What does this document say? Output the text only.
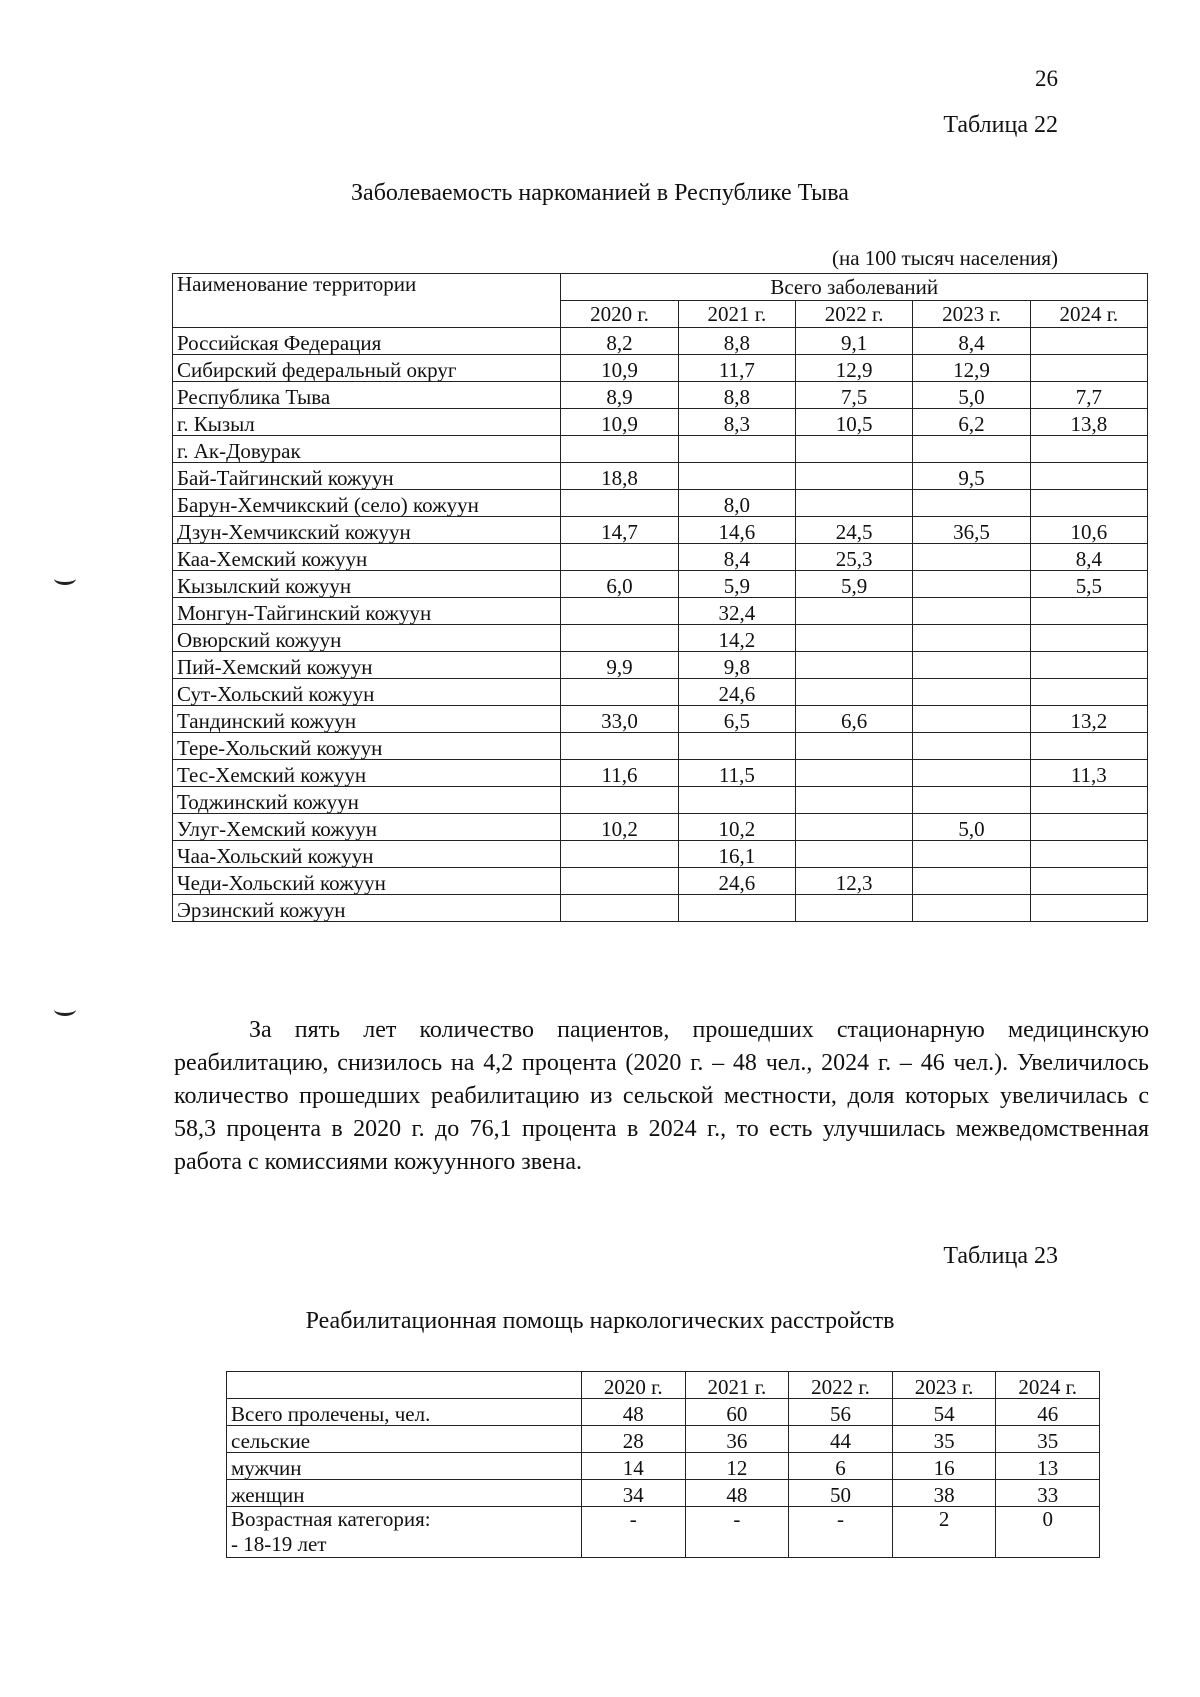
26
Таблица 22
Заболеваемость наркоманией в Республике Тыва
(на 100 тысяч населения)
Наименование территории	Всего заболеваний				
	2020 г.	2021 г.	2022 г.	2023 г.	2024 г.
Российская Федерация	8,2	8,8	9,1	8,4	
Сибирский федеральный округ	10,9	11,7	12,9	12,9	
Республика Тыва	8,9	8,8	7,5	5,0	7,7
г. Кызыл	10,9	8,3	10,5	6,2	13,8
г. Ак-Довурак					
Бай-Тайгинский кожуун	18,8			9,5	
Барун-Хемчикский (село) кожуун		8,0			
Дзун-Хемчикский кожуун	14,7	14,6	24,5	36,5	10,6
Каа-Хемский кожуун		8,4	25,3		8,4
Кызылский кожуун	6,0	5,9	5,9		5,5
Монгун-Тайгинский кожуун		32,4			
Овюрский кожуун		14,2			
Пий-Хемский кожуун	9,9	9,8			
Сут-Хольский кожуун		24,6			
Тандинский кожуун	33,0	6,5	6,6		13,2
Тере-Хольский кожуун					
Тес-Хемский кожуун	11,6	11,5			11,3
Тоджинский кожуун					
Улуг-Хемский кожуун	10,2	10,2		5,0	
Чаа-Хольский кожуун		16,1			
Чеди-Хольский кожуун		24,6	12,3		
Эрзинский кожуун					

За пять лет количество пациентов, прошедших стационарную медицинскую реабилитацию, снизилось на 4,2 процента (2020 г. – 48 чел., 2024 г. – 46 чел.). Увеличилось количество прошедших реабилитацию из сельской местности, доля которых увеличилась с 58,3 процента в 2020 г. до 76,1 процента в 2024 г., то есть улучшилась межведомственная работа с комиссиями кожуунного звена.

Таблица 23
Реабилитационная помощь наркологических расстройств
	2020 г.	2021 г.	2022 г.	2023 г.	2024 г.
Всего пролечены, чел.	48	60	56	54	46
сельские	28	36	44	35	35
мужчин	14	12	6	16	13
женщин	34	48	50	38	33

Возрастная категория:
- 18-19 лет	-	-	-	2	0
